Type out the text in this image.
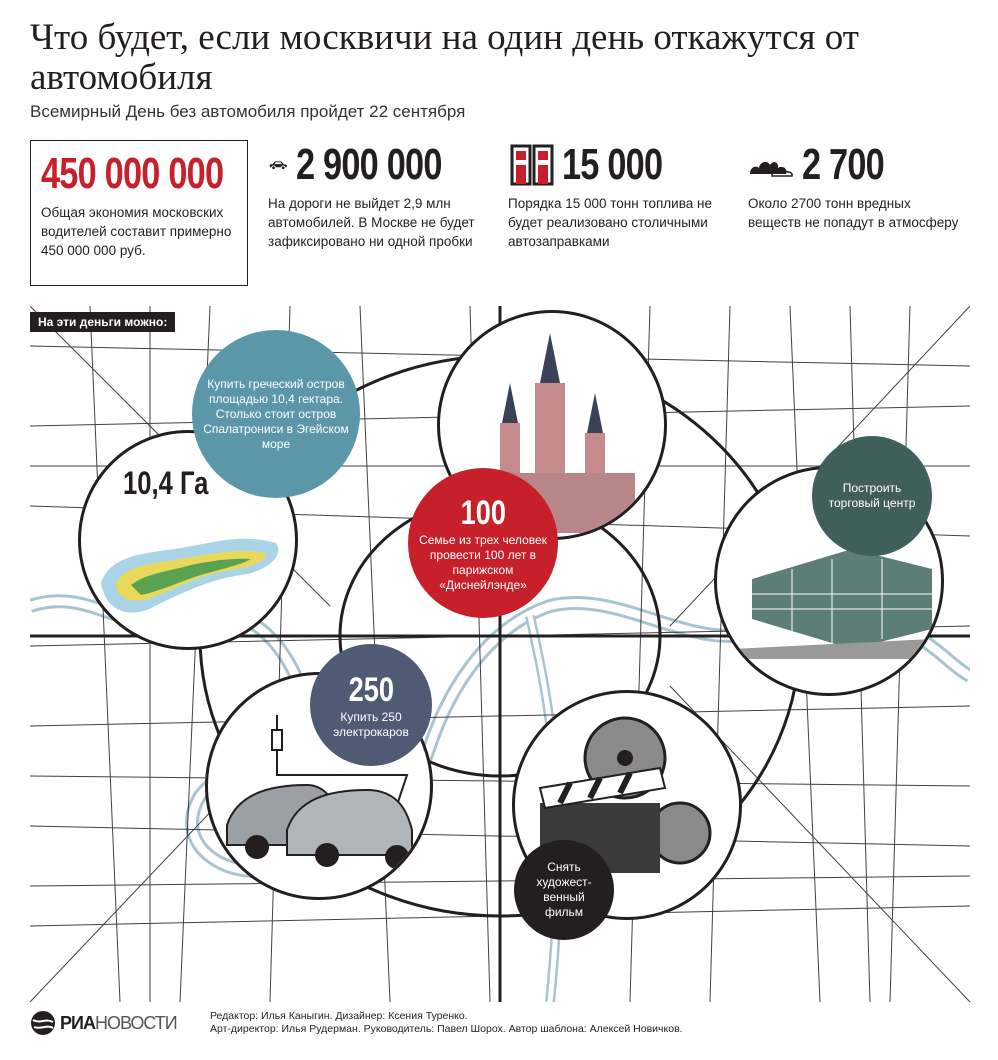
Что будет, если москвичи на один день откажутся от автомобиля
Всемирный День без автомобиля пройдет 22 сентября
450 000 000
Общая экономия московских водителей составит примерно 450 000 000 руб.
2 900 000
На дороги не выйдет 2,9 млн автомобилей. В Москве не будет зафиксировано ни одной пробки
15 000
Порядка 15 000 тонн топлива не будет реализовано столичными автозаправками
2 700
Около 2700 тонн вредных веществ не попадут в атмосферу
На эти деньги можно:
10,4 Га
Купить греческий остров площадью 10,4 гектара. Столько стоит остров Спалатрониси в Эгейском море
100
Семье из трех человек провести 100 лет в парижском «Диснейлэнде»
Построить торговый центр
250
Купить 250 электрокаров
Снять художест-венный фильм
РИА НОВОСТИ	Редактор: Илья Каныгин. Дизайнер: Ксения Туренко.
Арт-директор: Илья Рудерман. Руководитель: Павел Шорох. Автор шаблона: Алексей Новичков.
